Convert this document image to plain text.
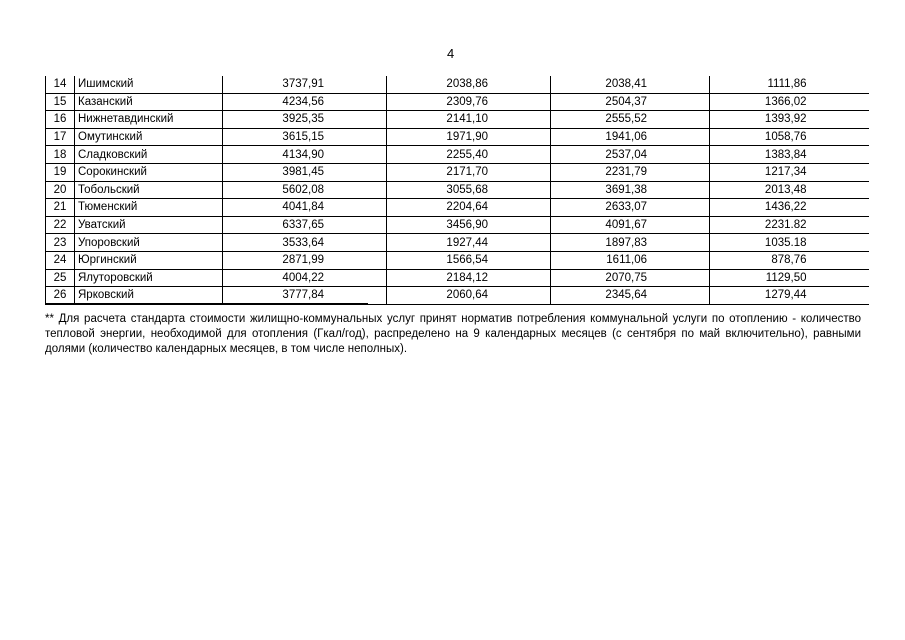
4
14	Ишимский	3737,91	2038,86	2038,41	1111,86
15	Казанский	4234,56	2309,76	2504,37	1366,02
16	Нижнетавдинский	3925,35	2141,10	2555,52	1393,92
17	Омутинский	3615,15	1971,90	1941,06	1058,76
18	Сладковский	4134,90	2255,40	2537,04	1383,84
19	Сорокинский	3981,45	2171,70	2231,79	1217,34
20	Тобольский	5602,08	3055,68	3691,38	2013,48
21	Тюменский	4041,84	2204,64	2633,07	1436,22
22	Уватский	6337,65	3456,90	4091,67	2231.82
23	Упоровский	3533,64	1927,44	1897,83	1035.18
24	Юргинский	2871,99	1566,54	1611,06	878,76
25	Ялуторовский	4004,22	2184,12	2070,75	1129,50
26	Ярковский	3777,84	2060,64	2345,64	1279,44
** Для расчета стандарта стоимости жилищно-коммунальных услуг принят норматив потребления коммунальной услуги по отоплению - количество тепловой энергии, необходимой для отопления (Гкал/год), распределено на 9 календарных месяцев (с сентября по май включительно), равными долями (количество календарных месяцев, в том числе неполных).
